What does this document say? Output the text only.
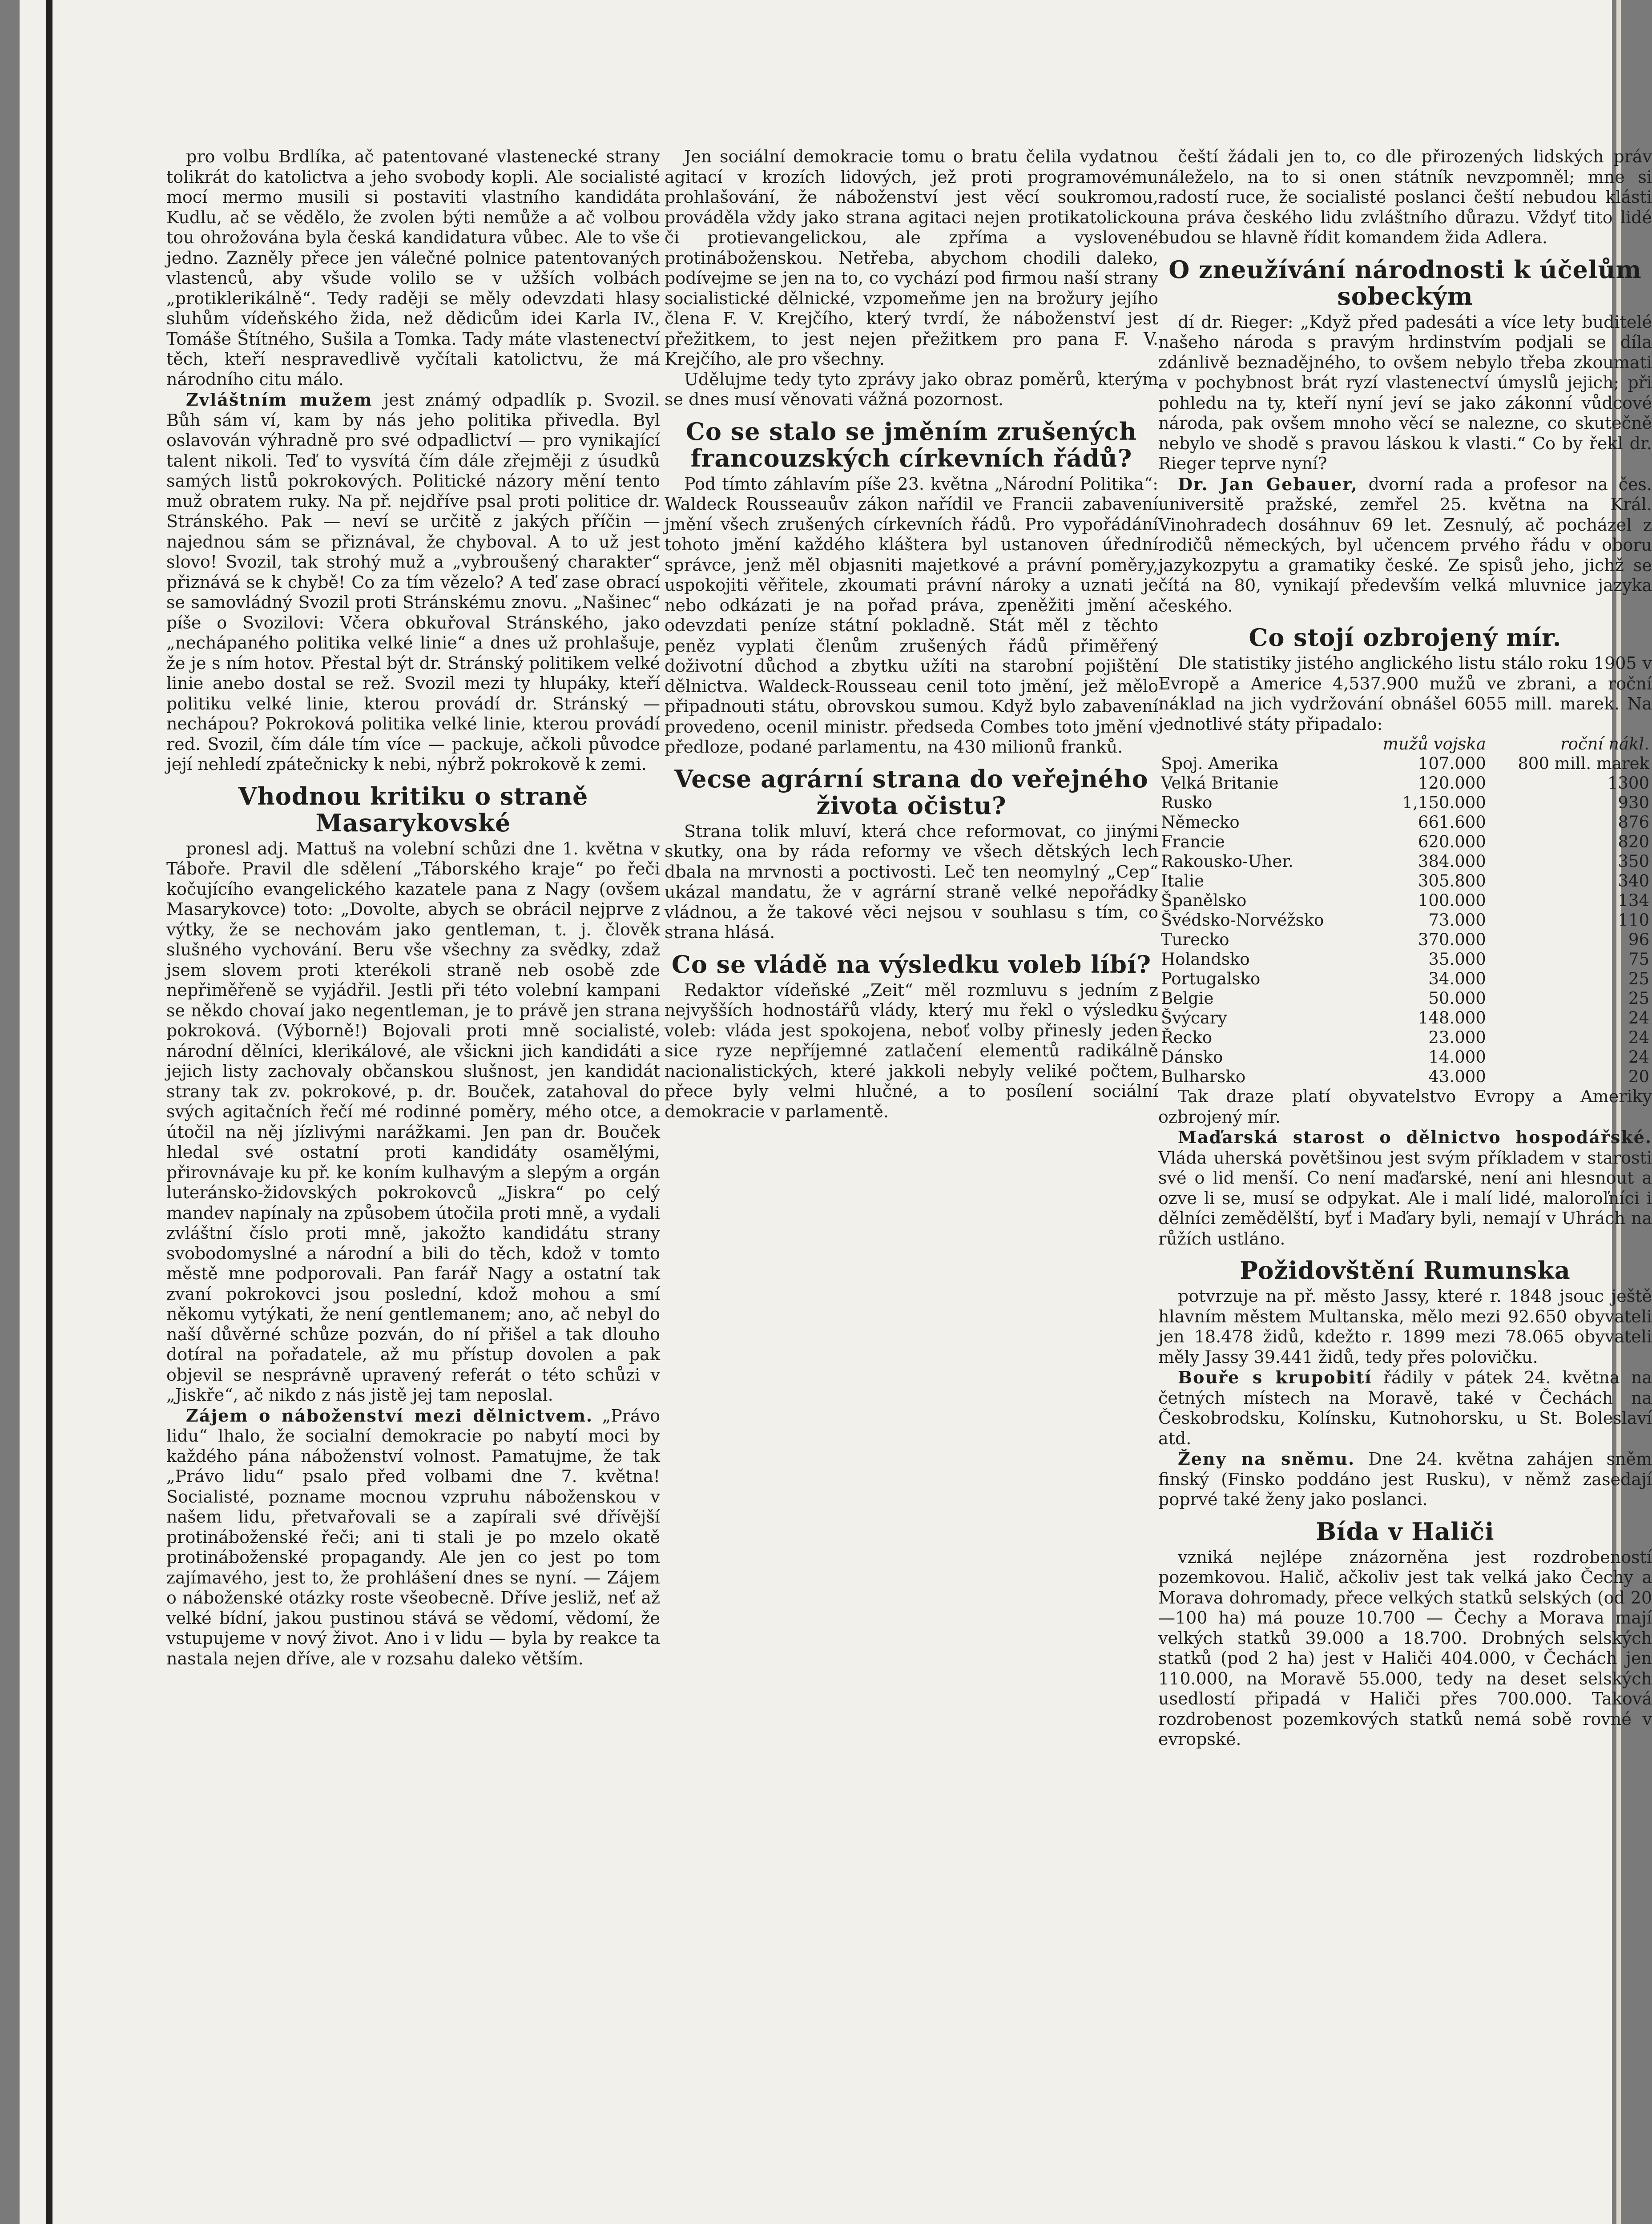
pro volbu Brdlíka, ač patentované vlastenecké strany tolikrát do katolictva a jeho svobody kopli. Ale socialisté mocí mermo musili si postaviti vlastního kandidáta Kudlu, ač se vědělo, že zvolen býti nemůže a ač volbou tou ohrožována byla česká kandidatura vůbec. Ale to vše jedno. Zazněly přece jen válečné polnice patentovaných vlastenců, aby všude volilo se v užších volbách „protiklerikálně“. Tedy raději se měly odevzdati hlasy sluhům vídeňského žida, než dědicům idei Karla IV., Tomáše Štítného, Sušila a Tomka. Tady máte vlastenectví těch, kteří nespravedlivě vyčítali katolictvu, že má národního citu málo.

Zvláštním mužem jest známý odpadlík p. Svozil. Bůh sám ví, kam by nás jeho politika přivedla. Byl oslavován výhradně pro své odpadlictví — pro vynikající talent nikoli. Teď to vysvítá čím dále zřejměji z úsudků samých listů pokrokových. Politické názory mění tento muž obratem ruky. Na př. nejdříve psal proti politice dr. Stránského. Pak — neví se určitě z jakých příčin — najednou sám se přiznával, že chyboval. A to už jest slovo! Svozil, tak strohý muž a „vybroušený charakter“ přiznává se k chybě! Co za tím vězelo? A teď zase obrací se samovládný Svozil proti Stránskému znovu. „Našinec“ píše o Svozilovi: Včera obkuřoval Stránského, jako „nechápaného politika velké linie“ a dnes už prohlašuje, že je s ním hotov. Přestal být dr. Stránský politikem velké linie anebo dostal se rež. Svozil mezi ty hlupáky, kteří politiku velké linie, kterou provádí dr. Stránský — nechápou? Pokroková politika velké linie, kterou provádí red. Svozil, čím dále tím více — packuje, ačkoli původce její nehledí zpátečnicky k nebi, nýbrž pokrokově k zemi.

Vhodnou kritiku o straně Masarykovské

pronesl adj. Mattuš na volební schůzi dne 1. května v Táboře. Pravil dle sdělení „Táborského kraje“ po řeči kočujícího evangelického kazatele pana z Nagy (ovšem Masarykovce) toto: „Dovolte, abych se obrácil nejprve z výtky, že se nechovám jako gentleman, t. j. člověk slušného vychování. Beru vše všechny za svědky, zdaž jsem slovem proti kterékoli straně neb osobě zde nepřiměřeně se vyjádřil. Jestli při této volební kampani se někdo chovaí jako negentleman, je to právě jen strana pokroková. (Výborně!) Bojovali proti mně socialisté, národní dělníci, klerikálové, ale všickni jich kandidáti a jejich listy zachovaly občanskou slušnost, jen kandidát strany tak zv. pokrokové, p. dr. Bouček, zatahoval do svých agitačních řečí mé rodinné poměry, mého otce, a útočil na něj jízlivými narážkami. Jen pan dr. Bouček hledal své ostatní proti kandidáty osamělými, přirovnávaje ku př. ke koním kulhavým a slepým a orgán luteránsko-židovských pokrokovců „Jiskra“ po celý mandev napínaly na způsobem útočila proti mně, a vydali zvláštní číslo proti mně, jakožto kandidátu strany svobodomyslné a národní a bili do těch, kdož v tomto městě mne podporovali. Pan farář Nagy a ostatní tak zvaní pokrokovci jsou poslední, kdož mohou a smí někomu vytýkati, že není gentlemanem; ano, ač nebyl do naší důvěrné schůze pozván, do ní přišel a tak dlouho dotíral na pořadatele, až mu přístup dovolen a pak objevil se nesprávně upravený referát o této schůzi v „Jiskře“, ač nikdo z nás jistě jej tam neposlal.

Zájem o náboženství mezi dělnictvem. „Právo lidu“ lhalo, že socialní demokracie po nabytí moci by každého pána náboženství volnost. Pamatujme, že tak „Právo lidu“ psalo před volbami dne 7. května! Socialisté, pozname mocnou vzpruhu náboženskou v našem lidu, přetvařovali se a zapírali své dřívější protináboženské řeči; ani ti stali je po mzelo okatě protináboženské propagandy. Ale jen co jest po tom zajímavého, jest to, že prohlášení dnes se nyní. — Zájem o náboženské otázky roste všeobecně. Dříve jesliž, neť až velké bídní, jakou pustinou stává se vědomí, vědomí, že vstupujeme v nový život. Ano i v lidu — byla by reakce ta nastala nejen dříve, ale v rozsahu daleko větším.

Jen sociální demokracie tomu o bratu čelila vydatnou agitací v krozích lidových, jež proti programovému prohlašování, že náboženství jest věcí soukromou, prováděla vždy jako strana agitaci nejen protikatolickou či protievangelickou, ale zpříma a vyslovené protináboženskou. Netřeba, abychom chodili daleko, podívejme se jen na to, co vychází pod firmou naší strany socialistické dělnické, vzpomeňme jen na brožury jejího člena F. V. Krejčího, který tvrdí, že náboženství jest přežitkem, to jest nejen přežitkem pro pana F. V. Krejčího, ale pro všechny.

Udělujme tedy tyto zprávy jako obraz poměrů, kterým se dnes musí věnovati vážná pozornost.

Co se stalo se jměním zrušených francouzských církevních řádů?

Pod tímto záhlavím píše 23. května „Národní Politika“: Waldeck Rousseauův zákon nařídil ve Francii zabavení jmění všech zrušených církevních řádů. Pro vypořádání tohoto jmění každého kláštera byl ustanoven úřední správce, jenž měl objasniti majetkové a právní poměry, uspokojiti věřitele, zkoumati právní nároky a uznati je nebo odkázati je na pořad práva, zpeněžiti jmění a odevzdati peníze státní pokladně. Stát měl z těchto peněz vyplati členům zrušených řádů přiměřený doživotní důchod a zbytku užíti na starobní pojištění dělnictva. Waldeck-Rousseau cenil toto jmění, jež mělo připadnouti státu, obrovskou sumou. Když bylo zabavení provedeno, ocenil ministr. předseda Combes toto jmění v předloze, podané parlamentu, na 430 milionů franků.

Vecse agrární strana do veřejného života očistu?

Strana tolik mluví, která chce reformovat, co jinými skutky, ona by ráda reformy ve všech dětských lech dbala na mrvnosti a poctivosti. Leč ten neomylný „Cep“ ukázal mandatu, že v agrární straně velké nepořádky vládnou, a že takové věci nejsou v souhlasu s tím, co strana hlásá.

Co se vládě na výsledku voleb líbí?

Redaktor vídeňské „Zeit“ měl rozmluvu s jedním z nejvyšších hodnostářů vlády, který mu řekl o výsledku voleb: vláda jest spokojena, neboť volby přinesly jeden sice ryze nepříjemné zatlačení elementů radikálně nacionalistických, které jakkoli nebyly veliké počtem, přece byly velmi hlučné, a to posílení sociální demokracie v parlamentě.

čeští žádali jen to, co dle přirozených lidských práv náleželo, na to si onen státník nevzpomněl; mne si radostí ruce, že socialisté poslanci čeští nebudou klásti na práva českého lidu zvláštního důrazu. Vždyť tito lidé budou se hlavně řídit komandem žida Adlera.

O zneužívání národnosti k účelům sobeckým

dí dr. Rieger: „Když před padesáti a více lety buditelé našeho národa s pravým hrdinstvím podjali se díla zdánlivě beznadějného, to ovšem nebylo třeba zkoumati a v pochybnost brát ryzí vlastenectví úmyslů jejich; při pohledu na ty, kteří nyní jeví se jako zákonní vůdcové národa, pak ovšem mnoho věcí se nalezne, co skutečně nebylo ve shodě s pravou láskou k vlasti.“ Co by řekl dr. Rieger teprve nyní?

Dr. Jan Gebauer, dvorní rada a profesor na čes. universitě pražské, zemřel 25. května na Král. Vinohradech dosáhnuv 69 let. Zesnulý, ač pocházel z rodičů německých, byl učencem prvého řádu v oboru jazykozpytu a gramatiky české. Ze spisů jeho, jichž se čítá na 80, vynikají především velká mluvnice jazyka českého.

Co stojí ozbrojený mír.

Dle statistiky jistého anglického listu stálo roku 1905 v Evropě a Americe 4,537.900 mužů ve zbrani, a roční náklad na jich vydržování obnášel 6055 mill. marek. Na jednotlivé státy připadalo:

	mužů vojska	roční nákl.
Spoj. Amerika	107.000	800 mill. marek
Velká Britanie	120.000	1300
Rusko	1,150.000	930
Německo	661.600	876
Francie	620.000	820
Rakousko-Uher.	384.000	350
Italie	305.800	340
Španělsko	100.000	134
Švédsko-Norvéžsko	73.000	110
Turecko	370.000	96
Holandsko	35.000	75
Portugalsko	34.000	25
Belgie	50.000	25
Švýcary	148.000	24
Řecko	23.000	24
Dánsko	14.000	24
Bulharsko	43.000	20

Tak draze platí obyvatelstvo Evropy a Ameriky ozbrojený mír.

Maďarská starost o dělnictvo hospodářské. Vláda uherská povětšinou jest svým příkladem v starosti své o lid menší. Co není maďarské, není ani hlesnout a ozve li se, musí se odpykat. Ale i malí lidé, maloroľníci i dělníci zemědělští, byť i Maďary byli, nemají v Uhrách na růžích ustláno.

Požidovštění Rumunska

potvrzuje na př. město Jassy, které r. 1848 jsouc ještě hlavním městem Multanska, mělo mezi 92.650 obyvateli jen 18.478 židů, kdežto r. 1899 mezi 78.065 obyvateli měly Jassy 39.441 židů, tedy přes polovičku.

Bouře s krupobití řádily v pátek 24. května na četných místech na Moravě, také v Čechách na Českobrodsku, Kolínsku, Kutnohorsku, u St. Boleslaví atd.

Ženy na sněmu. Dne 24. května zahájen sněm finský (Finsko poddáno jest Rusku), v němž zasedají poprvé také ženy jako poslanci.

Bída v Haliči

vzniká nejlépe znázorněna jest rozdrobeností pozemkovou. Halič, ačkoliv jest tak velká jako Čechy a Morava dohromady, přece velkých statků selských (od 20—100 ha) má pouze 10.700 — Čechy a Morava mají velkých statků 39.000 a 18.700. Drobných selských statků (pod 2 ha) jest v Haliči 404.000, v Čechách jen 110.000, na Moravě 55.000, tedy na deset selských usedlostí připadá v Haliči přes 700.000. Taková rozdrobenost pozemkových statků nemá sobě rovné v evropské.
